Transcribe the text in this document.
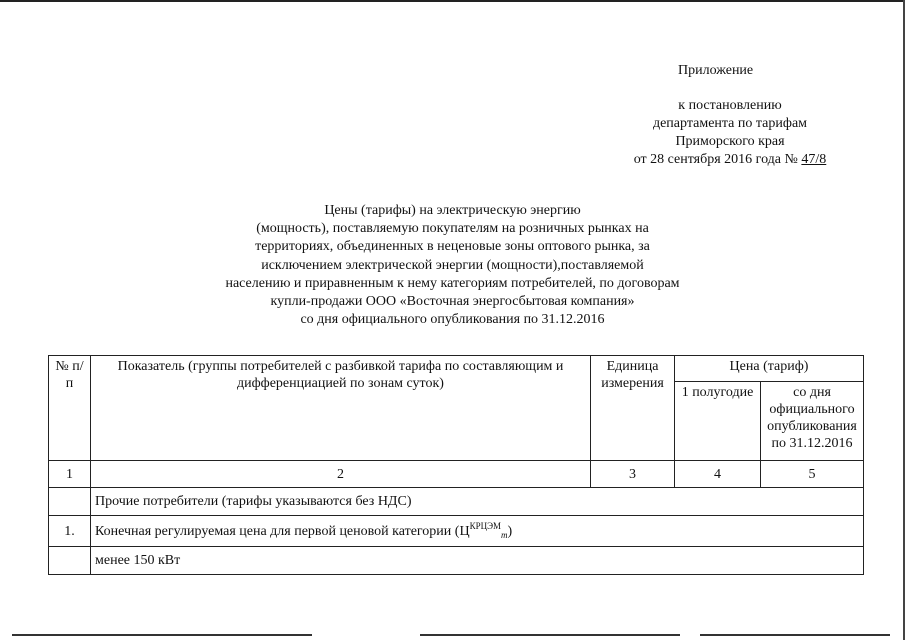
Приложение
к постановлению
департамента по тарифам
Приморского края
от 28 сентября 2016 года № 47/8
Цены (тарифы) на электрическую энергию
(мощность), поставляемую покупателям на розничных рынках на
территориях, объединенных в неценовые зоны оптового рынка, за
исключением электрической энергии (мощности),поставляемой
населению и приравненным к нему категориям потребителей, по договорам
купли-продажи ООО «Восточная энергосбытовая компания»
со дня официального опубликования по 31.12.2016
№ п/п	Показатель (группы потребителей с разбивкой тарифа по составляющим и дифференциацией по зонам суток)	Единица измерения	Цена (тариф)	
			1 полугодие	со дня официального опубликования по 31.12.2016
1	2	3	4	5
	Прочие потребители (тарифы указываются без НДС)			
1.	Конечная регулируемая цена для первой ценовой категории $(Ц^{КРЦЭМ}_m)$			
	менее 150 кВт			
